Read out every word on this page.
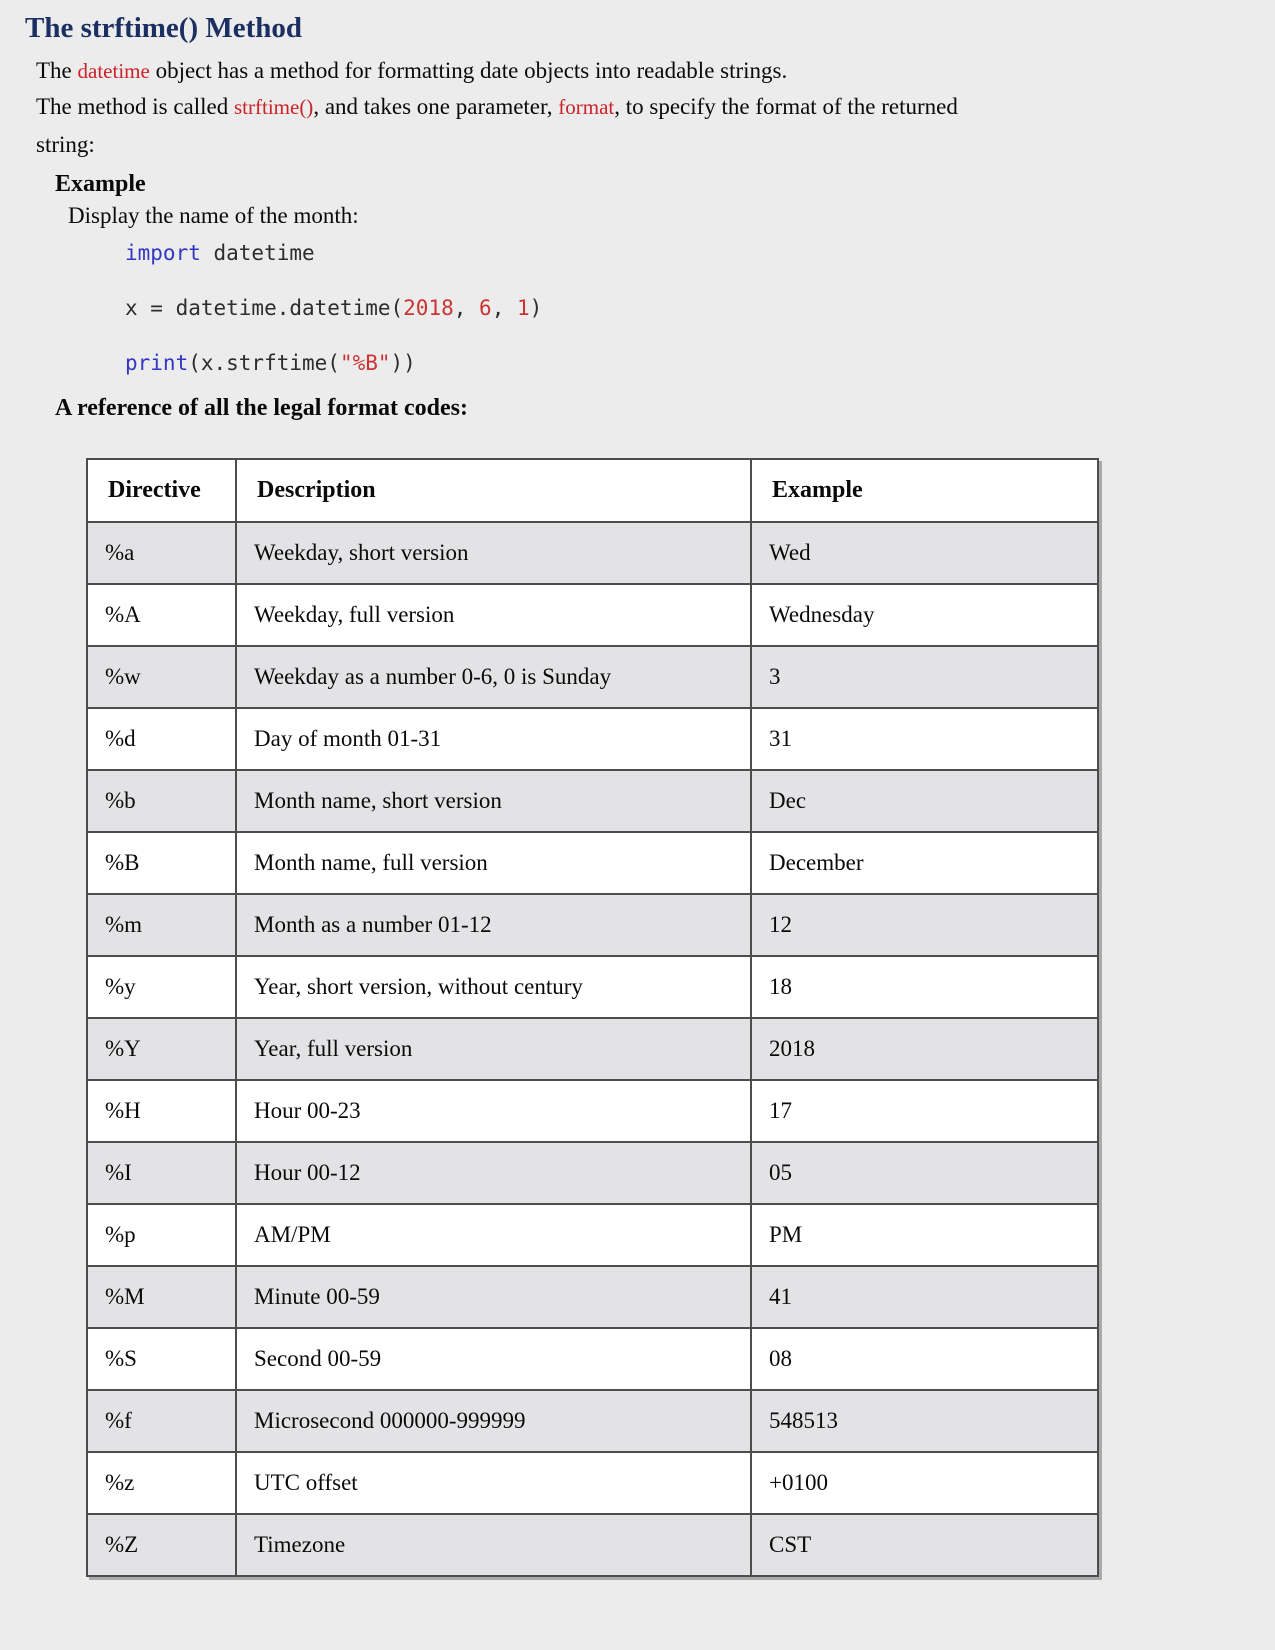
The strftime() Method

The datetime object has a method for formatting date objects into readable strings.

The method is called strftime(), and takes one parameter, format, to specify the format of the returned
string:

Example

Display the name of the month:

import datetime
x = datetime.datetime(2018, 6, 1)
print(x.strftime("%B"))
A reference of all the legal format codes:
Directive	Description	Example
%a	Weekday, short version	Wed
%A	Weekday, full version	Wednesday
%w	Weekday as a number 0-6, 0 is Sunday	3
%d	Day of month 01-31	31
%b	Month name, short version	Dec
%B	Month name, full version	December
%m	Month as a number 01-12	12
%y	Year, short version, without century	18
%Y	Year, full version	2018
%H	Hour 00-23	17
%I	Hour 00-12	05
%p	AM/PM	PM
%M	Minute 00-59	41
%S	Second 00-59	08
%f	Microsecond 000000-999999	548513
%z	UTC offset	+0100
%Z	Timezone	CST
